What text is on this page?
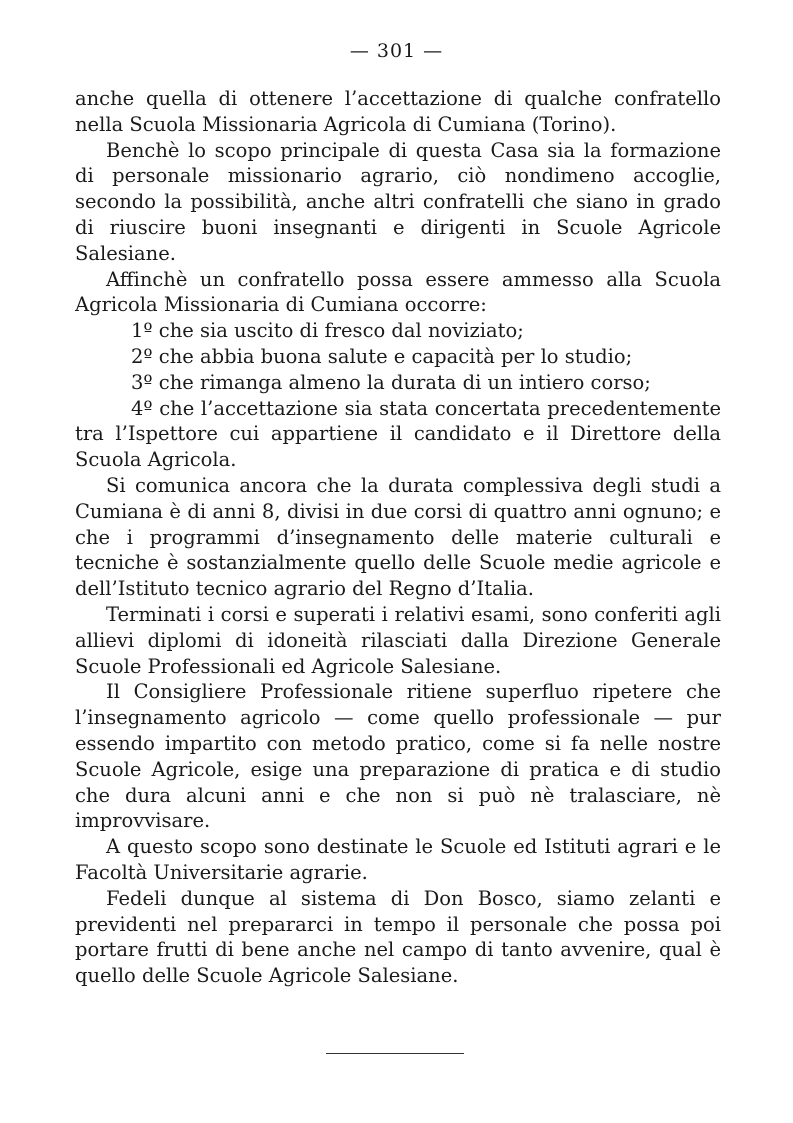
— 301 —

anche quella di ottenere l’accettazione di qualche confratello nella Scuola Missionaria Agricola di Cumiana (Torino).

Benchè lo scopo principale di questa Casa sia la formazione di personale missionario agrario, ciò nondimeno accoglie, secondo la possibilità, anche altri confratelli che siano in grado di riuscire buoni insegnanti e dirigenti in Scuole Agricole Salesiane.

Affinchè un confratello possa essere ammesso alla Scuola Agricola Missionaria di Cumiana occorre:

1º che sia uscito di fresco dal noviziato;

2º che abbia buona salute e capacità per lo studio;

3º che rimanga almeno la durata di un intiero corso;

4º che l’accettazione sia stata concertata precedentemente tra l’Ispettore cui appartiene il candidato e il Direttore della Scuola Agricola.

Si comunica ancora che la durata complessiva degli studi a Cumiana è di anni 8, divisi in due corsi di quattro anni ognuno; e che i programmi d’insegnamento delle materie culturali e tecniche è sostanzialmente quello delle Scuole medie agricole e dell’Istituto tecnico agrario del Regno d’Italia.

Terminati i corsi e superati i relativi esami, sono conferiti agli allievi diplomi di idoneità rilasciati dalla Direzione Generale Scuole Professionali ed Agricole Salesiane.

Il Consigliere Professionale ritiene superfluo ripetere che l’insegnamento agricolo — come quello professionale — pur essendo impartito con metodo pratico, come si fa nelle nostre Scuole Agricole, esige una preparazione di pratica e di studio che dura alcuni anni e che non si può nè tralasciare, nè improvvisare.

A questo scopo sono destinate le Scuole ed Istituti agrari e le Facoltà Universitarie agrarie.

Fedeli dunque al sistema di Don Bosco, siamo zelanti e previdenti nel prepararci in tempo il personale che possa poi portare frutti di bene anche nel campo di tanto avvenire, qual è quello delle Scuole Agricole Salesiane.
